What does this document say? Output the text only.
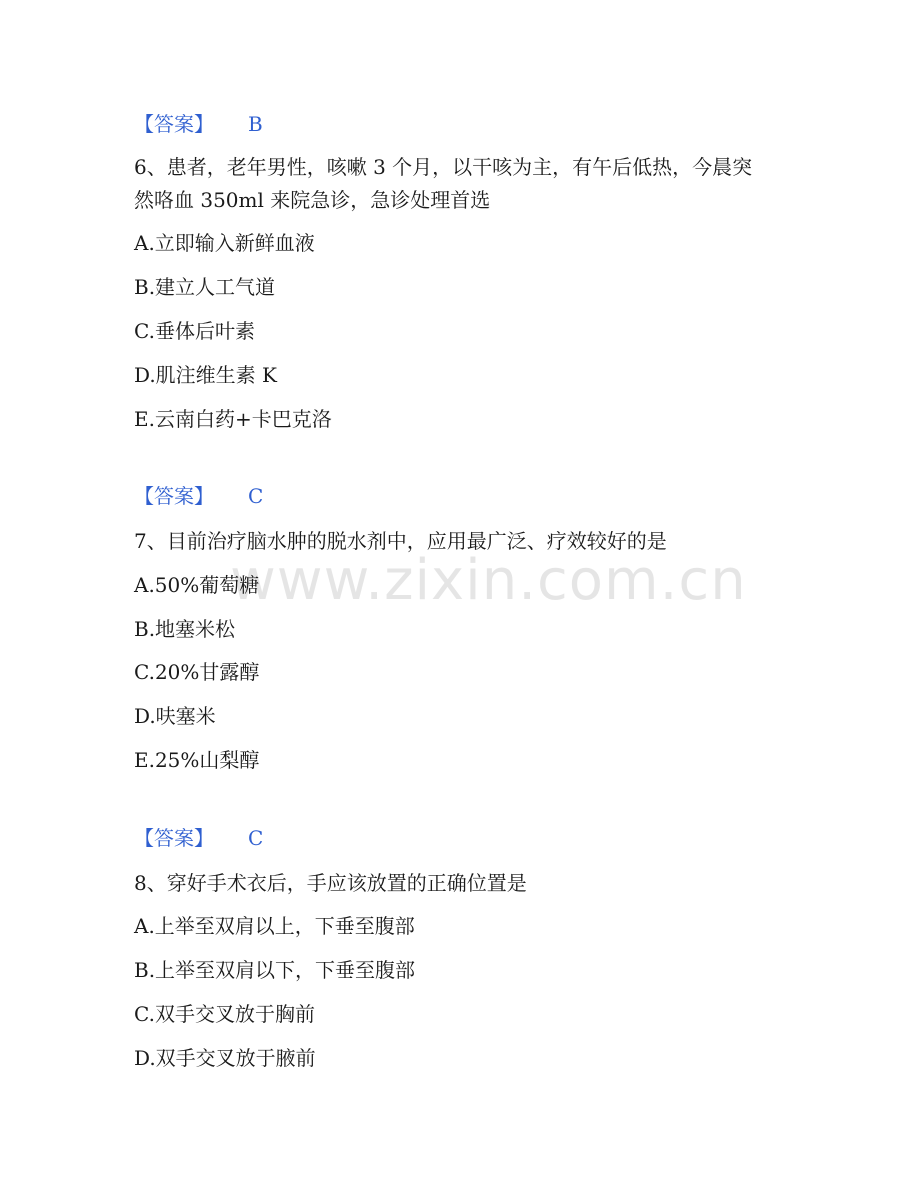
【答案】 B
6、患者，老年男性，咳嗽 3 个月，以干咳为主，有午后低热，今晨突
然咯血 350ml 来院急诊，急诊处理首选
A.立即输入新鲜血液
B.建立人工气道
C.垂体后叶素
D.肌注维生素 K
E.云南白药+卡巴克洛
【答案】 C
7、目前治疗脑水肿的脱水剂中，应用最广泛、疗效较好的是
A.50%葡萄糖
B.地塞米松
C.20%甘露醇
D.呋塞米
E.25%山梨醇
【答案】 C
8、穿好手术衣后，手应该放置的正确位置是
A.上举至双肩以上，下垂至腹部
B.上举至双肩以下，下垂至腹部
C.双手交叉放于胸前
D.双手交叉放于腋前
www.zixin.com.cn
